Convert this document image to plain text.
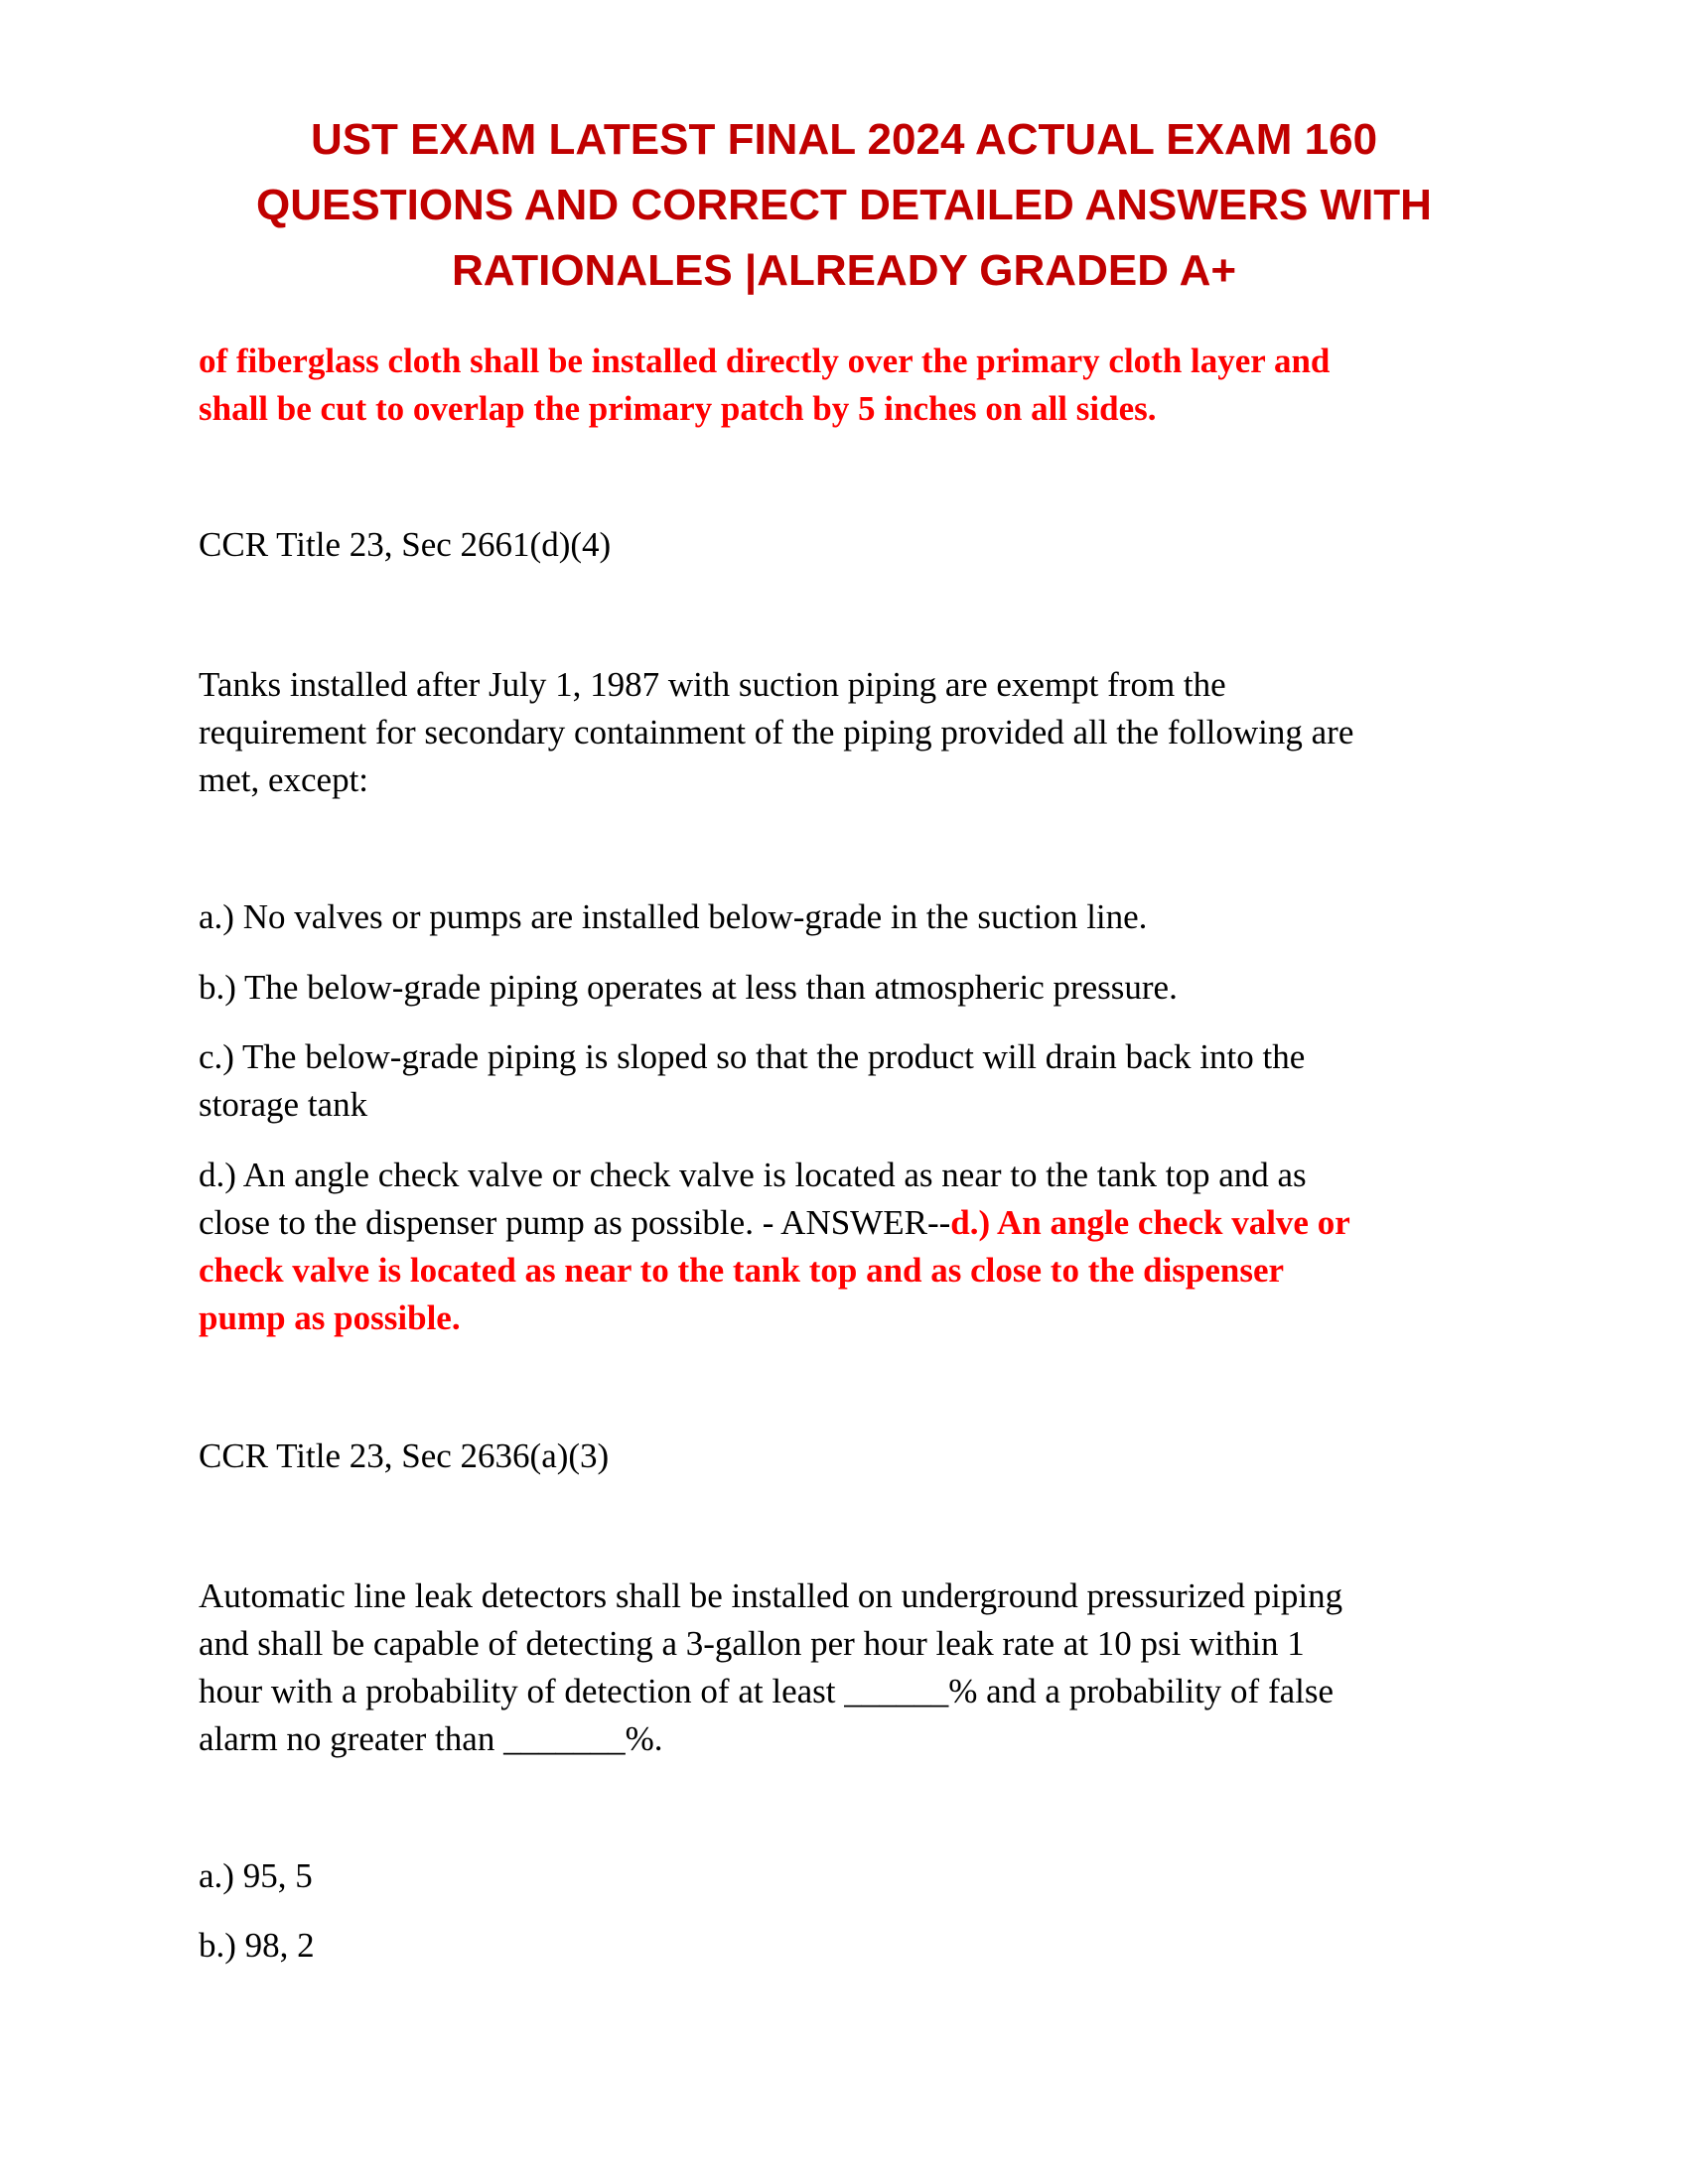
UST EXAM LATEST FINAL 2024 ACTUAL EXAM 160
QUESTIONS AND CORRECT DETAILED ANSWERS WITH
RATIONALES |ALREADY GRADED A+
of fiberglass cloth shall be installed directly over the primary cloth layer and
shall be cut to overlap the primary patch by 5 inches on all sides.
CCR Title 23, Sec 2661(d)(4)
Tanks installed after July 1, 1987 with suction piping are exempt from the
requirement for secondary containment of the piping provided all the following are
met, except:
a.) No valves or pumps are installed below-grade in the suction line.
b.) The below-grade piping operates at less than atmospheric pressure.
c.) The below-grade piping is sloped so that the product will drain back into the
storage tank
d.) An angle check valve or check valve is located as near to the tank top and as
close to the dispenser pump as possible. - ANSWER--d.) An angle check valve or
check valve is located as near to the tank top and as close to the dispenser
pump as possible.
CCR Title 23, Sec 2636(a)(3)
Automatic line leak detectors shall be installed on underground pressurized piping
and shall be capable of detecting a 3-gallon per hour leak rate at 10 psi within 1
hour with a probability of detection of at least ______% and a probability of false
alarm no greater than _______%.
a.) 95, 5
b.) 98, 2
